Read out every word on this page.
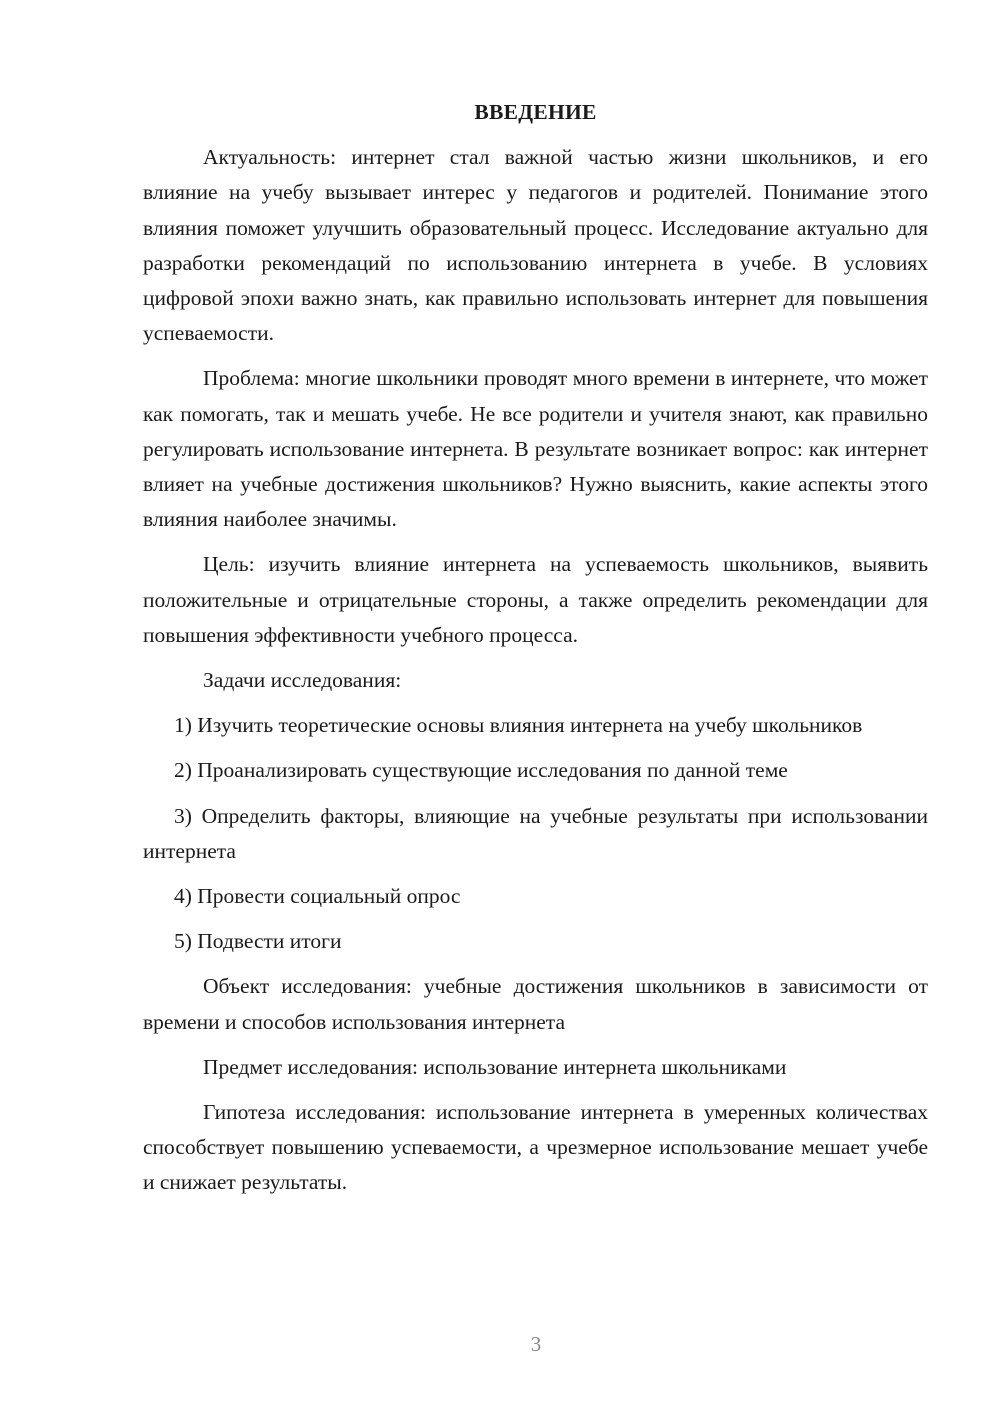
ВВЕДЕНИЕ

Актуальность: интернет стал важной частью жизни школьников, и его влияние на учебу вызывает интерес у педагогов и родителей. Понимание этого влияния поможет улучшить образовательный процесс. Исследование актуально для разработки рекомендаций по использованию интернета в учебе. В условиях цифровой эпохи важно знать, как правильно использовать интернет для повышения успеваемости.

Проблема: многие школьники проводят много времени в интернете, что может как помогать, так и мешать учебе. Не все родители и учителя знают, как правильно регулировать использование интернета. В результате возникает вопрос: как интернет влияет на учебные достижения школьников? Нужно выяснить, какие аспекты этого влияния наиболее значимы.

Цель: изучить влияние интернета на успеваемость школьников, выявить положительные и отрицательные стороны, а также определить рекомендации для повышения эффективности учебного процесса.

Задачи исследования:

1) Изучить теоретические основы влияния интернета на учебу школьников

2) Проанализировать существующие исследования по данной теме

3) Определить факторы, влияющие на учебные результаты при использовании интернета

4) Провести социальный опрос

5) Подвести итоги

Объект исследования: учебные достижения школьников в зависимости от времени и способов использования интернета

Предмет исследования: использование интернета школьниками

Гипотеза исследования: использование интернета в умеренных количествах способствует повышению успеваемости, а чрезмерное использование мешает учебе и снижает результаты.

3
